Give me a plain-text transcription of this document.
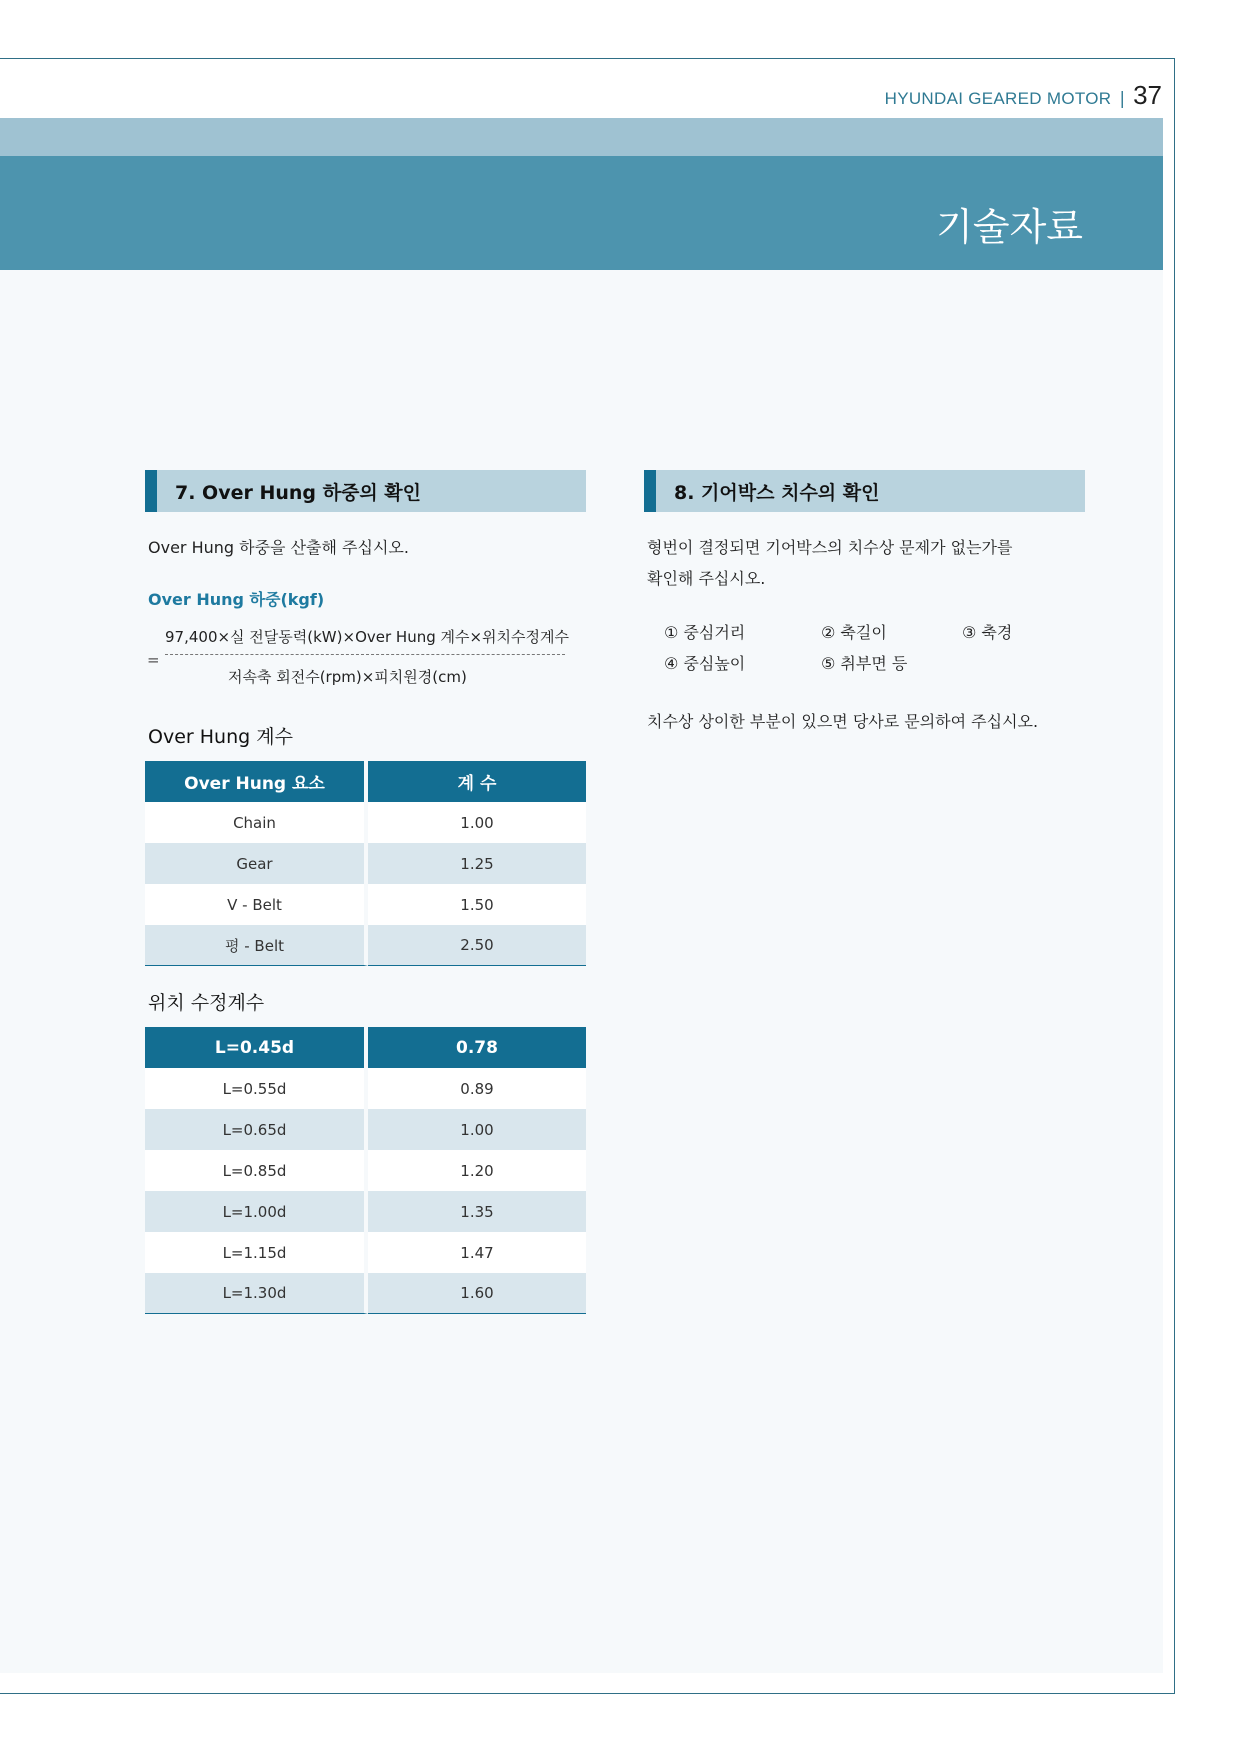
HYUNDAI GEARED MOTOR | 37
기술자료
7. Over Hung 하중의 확인
Over Hung 하중을 산출해 주십시오.
Over Hung 하중(kgf)
=
97,400×실 전달동력(kW)×Over Hung 계수×위치수정계수
저속축 회전수(rpm)×피치원경(cm)
Over Hung 계수
Over Hung 요소	계 수
Chain	1.00
Gear	1.25
V - Belt	1.50
평 - Belt	2.50
위치 수정계수
L=0.45d	0.78
L=0.55d	0.89
L=0.65d	1.00
L=0.85d	1.20
L=1.00d	1.35
L=1.15d	1.47
L=1.30d	1.60
8. 기어박스 치수의 확인
형번이 결정되면 기어박스의 치수상 문제가 없는가를
확인해 주십시오.
① 중심거리	② 축길이	③ 축경
④ 중심높이	⑤ 취부면 등
치수상 상이한 부분이 있으면 당사로 문의하여 주십시오.
